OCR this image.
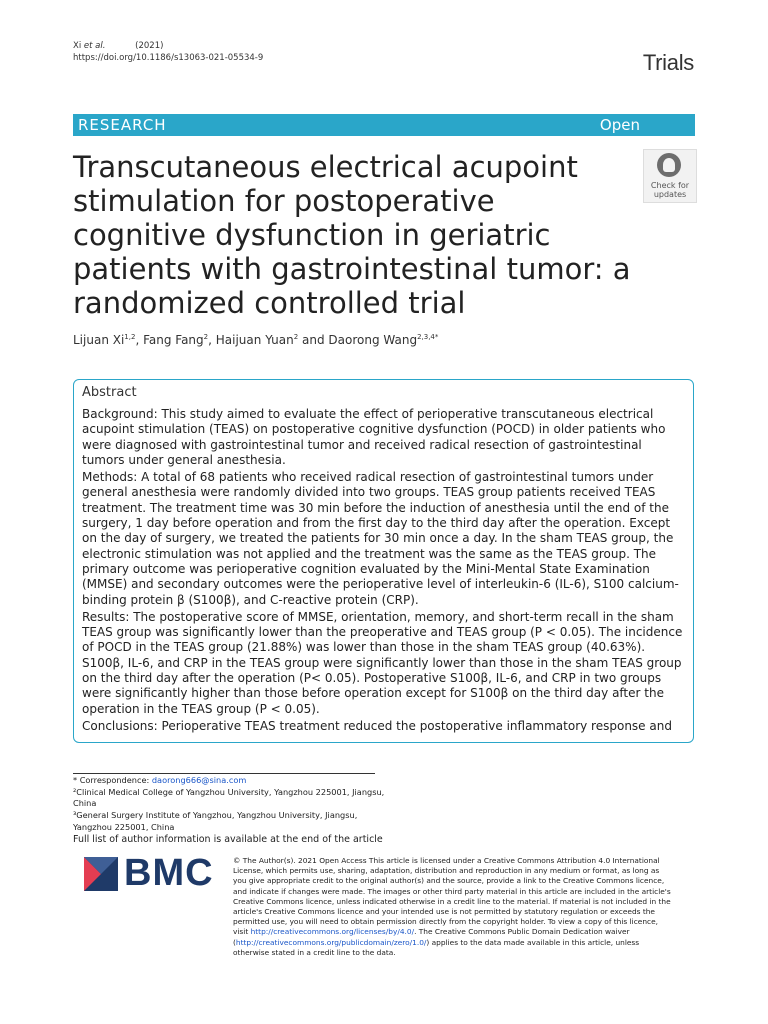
Xi et al.	(2021)
https://doi.org/10.1186/s13063-021-05534-9	Trials
RESEARCH	Open
Transcutaneous electrical acupoint stimulation for postoperative cognitive dysfunction in geriatric patients with gastrointestinal tumor: a randomized controlled trial
Check for
updates
Lijuan Xi$^{1,2}$, Fang Fang$^2$, Haijuan Yuan$^2$ and Daorong Wang$^{2,3,4*}$
Abstract

Background: This study aimed to evaluate the effect of perioperative transcutaneous electrical acupoint stimulation (TEAS) on postoperative cognitive dysfunction (POCD) in older patients who were diagnosed with gastrointestinal tumor and received radical resection of gastrointestinal tumors under general anesthesia.

Methods: A total of 68 patients who received radical resection of gastrointestinal tumors under general anesthesia were randomly divided into two groups. TEAS group patients received TEAS treatment. The treatment time was 30 min before the induction of anesthesia until the end of the surgery, 1 day before operation and from the first day to the third day after the operation. Except on the day of surgery, we treated the patients for 30 min once a day. In the sham TEAS group, the electronic stimulation was not applied and the treatment was the same as the TEAS group. The primary outcome was perioperative cognition evaluated by the Mini-Mental State Examination (MMSE) and secondary outcomes were the perioperative level of interleukin-6 (IL-6), S100 calcium-binding protein β (S100β), and C-reactive protein (CRP).

Results: The postoperative score of MMSE, orientation, memory, and short-term recall in the sham TEAS group was significantly lower than the preoperative and TEAS group (P < 0.05). The incidence of POCD in the TEAS group (21.88%) was lower than those in the sham TEAS group (40.63%). S100β, IL-6, and CRP in the TEAS group were significantly lower than those in the sham TEAS group on the third day after the operation (P< 0.05). Postoperative S100β, IL-6, and CRP in two groups were significantly higher than those before operation except for S100β on the third day after the operation in the TEAS group (P < 0.05).

Conclusions: Perioperative TEAS treatment reduced the postoperative inflammatory response and

* Correspondence: daorong666@sina.com
²Clinical Medical College of Yangzhou University, Yangzhou 225001, Jiangsu, China
³General Surgery Institute of Yangzhou, Yangzhou University, Jiangsu, Yangzhou 225001, China
Full list of author information is available at the end of the article
BMC	© The Author(s). 2021 Open Access This article is licensed under a Creative Commons Attribution 4.0 International License, which permits use, sharing, adaptation, distribution and reproduction in any medium or format, as long as you give appropriate credit to the original author(s) and the source, provide a link to the Creative Commons licence, and indicate if changes were made. The images or other third party material in this article are included in the article's Creative Commons licence, unless indicated otherwise in a credit line to the material. If material is not included in the article's Creative Commons licence and your intended use is not permitted by statutory regulation or exceeds the permitted use, you will need to obtain permission directly from the copyright holder. To view a copy of this licence, visit http://creativecommons.org/licenses/by/4.0/. The Creative Commons Public Domain Dedication waiver (http://creativecommons.org/publicdomain/zero/1.0/) applies to the data made available in this article, unless otherwise stated in a credit line to the data.
